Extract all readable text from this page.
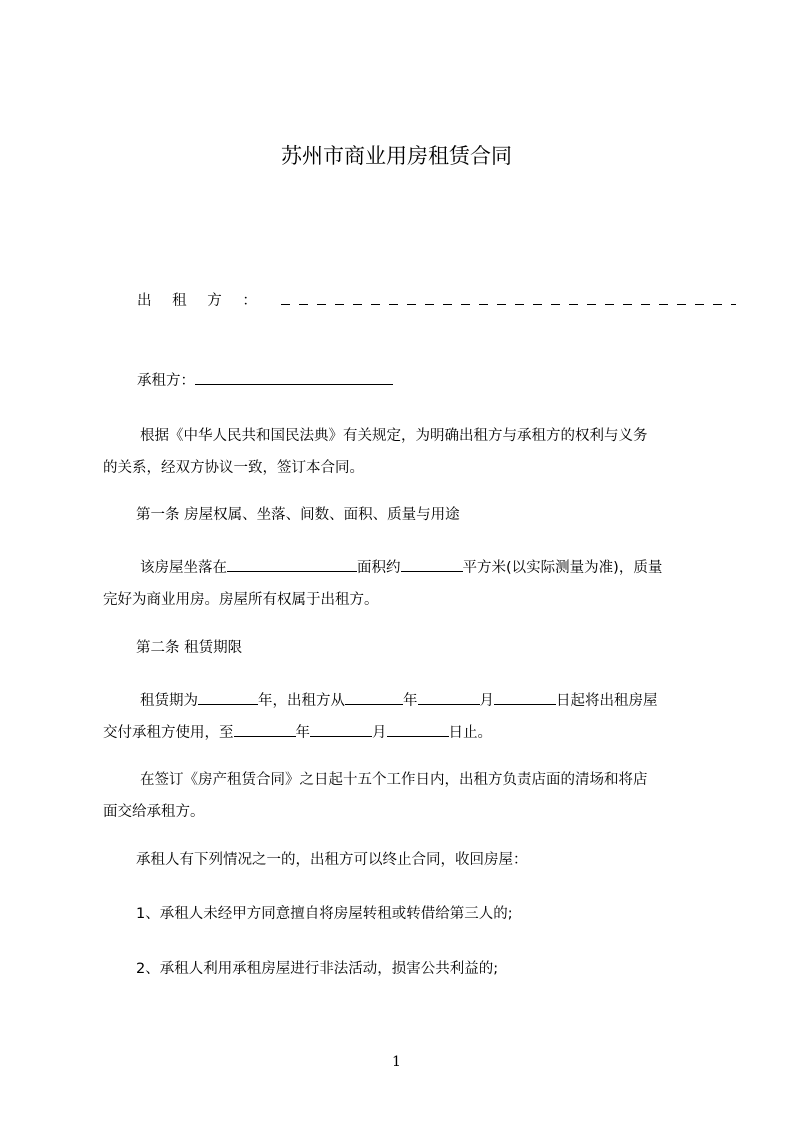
苏州市商业用房租赁合同
出 租 方 ：
承租方：
根据《中华人民共和国民法典》有关规定，为明确出租方与承租方的权利与义务
的关系，经双方协议一致，签订本合同。
第一条 房屋权属、坐落、间数、面积、质量与用途
该房屋坐落在	面积约	平方米(以实际测量为准)，质量
完好为商业用房。房屋所有权属于出租方。
第二条 租赁期限
租赁期为	年，出租方从	年	月	日起将出租房屋
交付承租方使用，至	年	月	日止。
在签订《房产租赁合同》之日起十五个工作日内，出租方负责店面的清场和将店
面交给承租方。
承租人有下列情况之一的，出租方可以终止合同，收回房屋：
1、承租人未经甲方同意擅自将房屋转租或转借给第三人的;
2、承租人利用承租房屋进行非法活动，损害公共利益的;
1
